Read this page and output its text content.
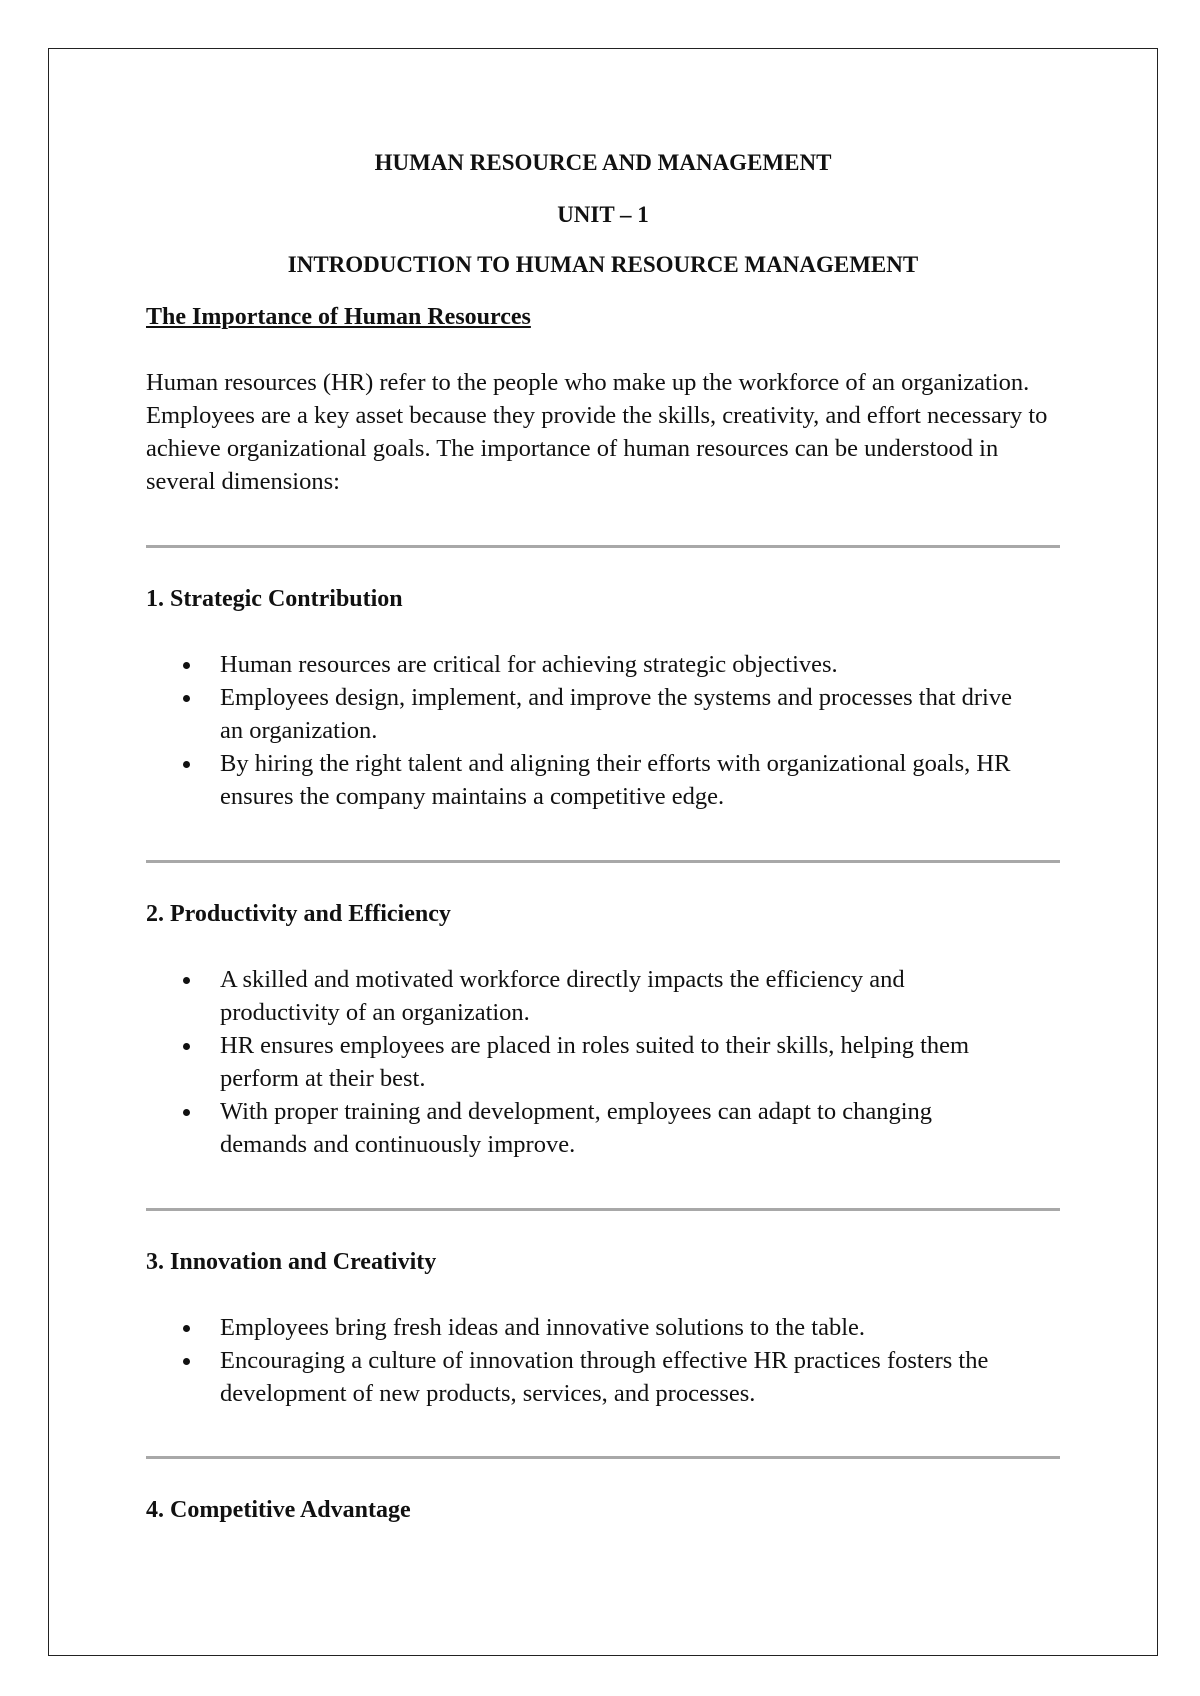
HUMAN RESOURCE AND MANAGEMENT
UNIT – 1
INTRODUCTION TO HUMAN RESOURCE MANAGEMENT
The Importance of Human Resources

Human resources (HR) refer to the people who make up the workforce of an organization. Employees are a key asset because they provide the skills, creativity, and effort necessary to achieve organizational goals. The importance of human resources can be understood in several dimensions:

1. Strategic Contribution
Human resources are critical for achieving strategic objectives.
Employees design, implement, and improve the systems and processes that drive an organization.
By hiring the right talent and aligning their efforts with organizational goals, HR ensures the company maintains a competitive edge.
2. Productivity and Efficiency
A skilled and motivated workforce directly impacts the efficiency and productivity of an organization.
HR ensures employees are placed in roles suited to their skills, helping them perform at their best.
With proper training and development, employees can adapt to changing demands and continuously improve.
3. Innovation and Creativity
Employees bring fresh ideas and innovative solutions to the table.
Encouraging a culture of innovation through effective HR practices fosters the development of new products, services, and processes.
4. Competitive Advantage
